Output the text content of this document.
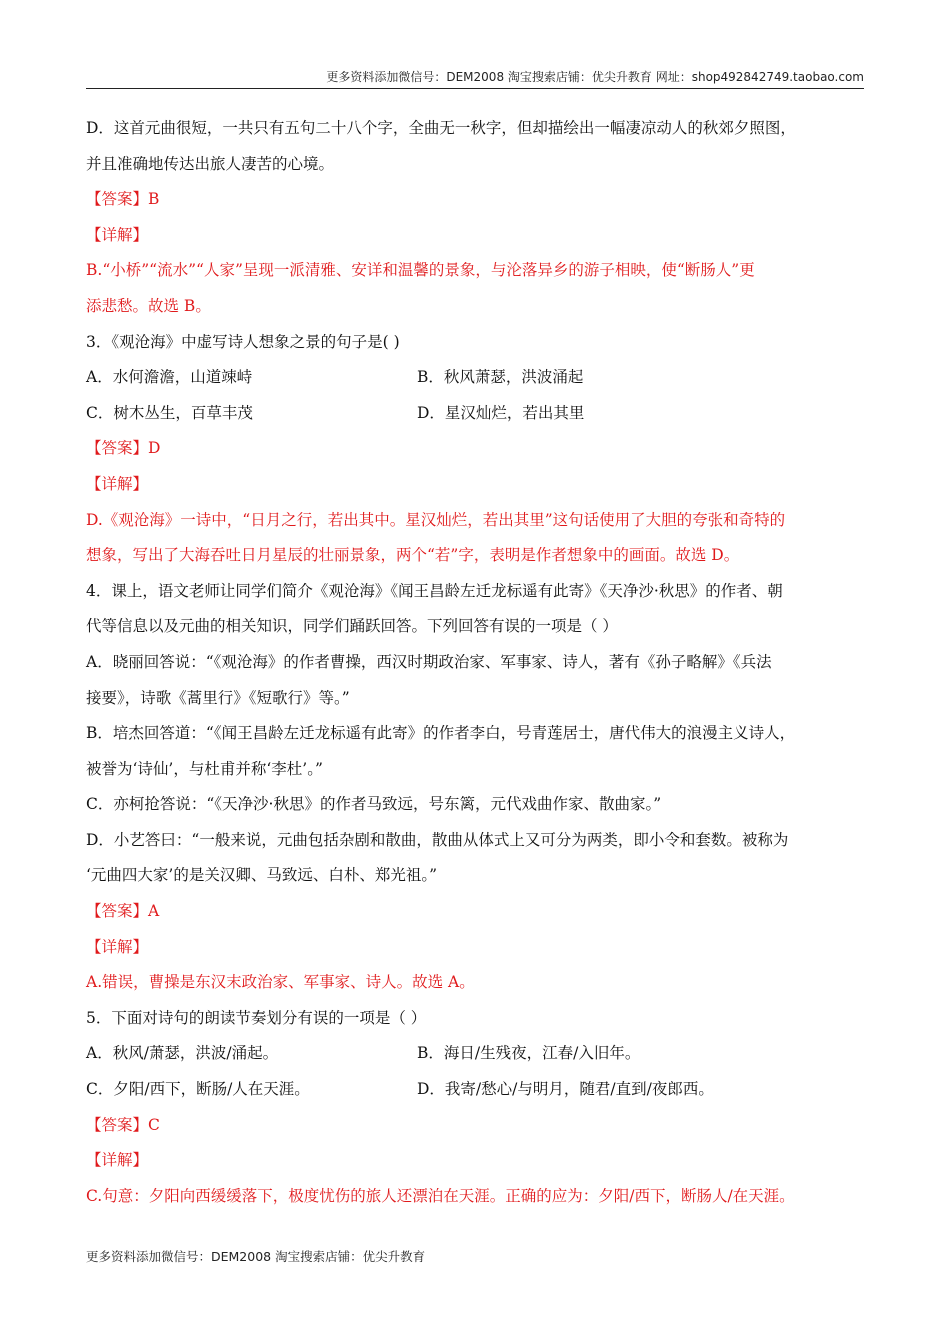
更多资料添加微信号：DEM2008 淘宝搜索店铺：优尖升教育 网址：shop492842749.taobao.com
D．这首元曲很短，一共只有五句二十八个字，全曲无一秋字，但却描绘出一幅凄凉动人的秋郊夕照图，
并且准确地传达出旅人凄苦的心境。
【答案】B
【详解】
B.“小桥”“流水”“人家”呈现一派清雅、安详和温馨的景象，与沦落异乡的游子相映，使“断肠人”更
添悲愁。故选 B。
3．《观沧海》中虚写诗人想象之景的句子是( )
A．水何澹澹，山道竦峙	B．秋风萧瑟，洪波涌起
C．树木丛生，百草丰茂	D．星汉灿烂，若出其里
【答案】D
【详解】
D.《观沧海》一诗中，“日月之行，若出其中。星汉灿烂，若出其里”这句话使用了大胆的夸张和奇特的
想象，写出了大海吞吐日月星辰的壮丽景象，两个“若”字，表明是作者想象中的画面。故选 D。
4．课上，语文老师让同学们简介《观沧海》《闻王昌龄左迁龙标遥有此寄》《天净沙·秋思》的作者、朝
代等信息以及元曲的相关知识，同学们踊跃回答。下列回答有误的一项是（ ）
A．晓丽回答说：“《观沧海》的作者曹操，西汉时期政治家、军事家、诗人，著有《孙子略解》《兵法
接要》，诗歌《蒿里行》《短歌行》等。”
B．培杰回答道：“《闻王昌龄左迁龙标遥有此寄》的作者李白，号青莲居士，唐代伟大的浪漫主义诗人，
被誉为‘诗仙’，与杜甫并称‘李杜’。”
C．亦柯抢答说：“《天净沙·秋思》的作者马致远，号东篱，元代戏曲作家、散曲家。”
D．小艺答曰：“一般来说，元曲包括杂剧和散曲，散曲从体式上又可分为两类，即小令和套数。被称为
‘元曲四大家’的是关汉卿、马致远、白朴、郑光祖。”
【答案】A
【详解】
A.错误，曹操是东汉末政治家、军事家、诗人。故选 A。
5．下面对诗句的朗读节奏划分有误的一项是（ ）
A．秋风/萧瑟，洪波/涌起。	B．海日/生残夜，江春/入旧年。
C．夕阳/西下，断肠/人在天涯。	D．我寄/愁心/与明月，随君/直到/夜郎西。
【答案】C
【详解】
C.句意：夕阳向西缓缓落下，极度忧伤的旅人还漂泊在天涯。正确的应为：夕阳/西下，断肠人/在天涯。
更多资料添加微信号：DEM2008 淘宝搜索店铺：优尖升教育
